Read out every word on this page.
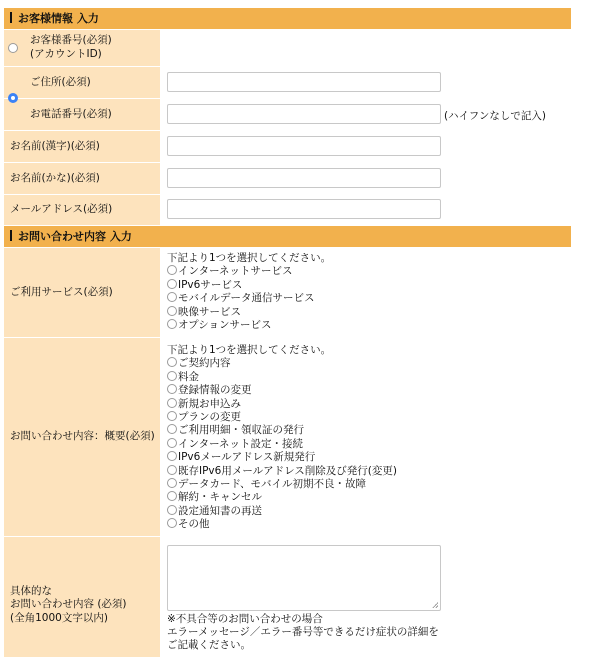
お客様情報 入力
お客様番号(必須)
(アカウントID)
ご住所(必須)
お電話番号(必須)	(ハイフンなしで記入)
お名前(漢字)(必須)
お名前(かな)(必須)
メールアドレス(必須)
お問い合わせ内容 入力
ご利用サービス(必須)
下記より1つを選択してください。
インターネットサービス
IPv6サービス
モバイルデータ通信サービス
映像サービス
オプションサービス
お問い合わせ内容：概要(必須)
下記より1つを選択してください。
ご契約内容
料金
登録情報の変更
新規お申込み
プランの変更
ご利用明細・領収証の発行
インターネット設定・接続
IPv6メールアドレス新規発行
既存IPv6用メールアドレス削除及び発行(変更)
データカード、モバイル初期不良・故障
解約・キャンセル
設定通知書の再送
その他
具体的な
お問い合わせ内容 (必須)
(全角1000文字以内)	※不具合等のお問い合わせの場合
エラーメッセージ／エラー番号等できるだけ症状の詳細を
ご記載ください。
